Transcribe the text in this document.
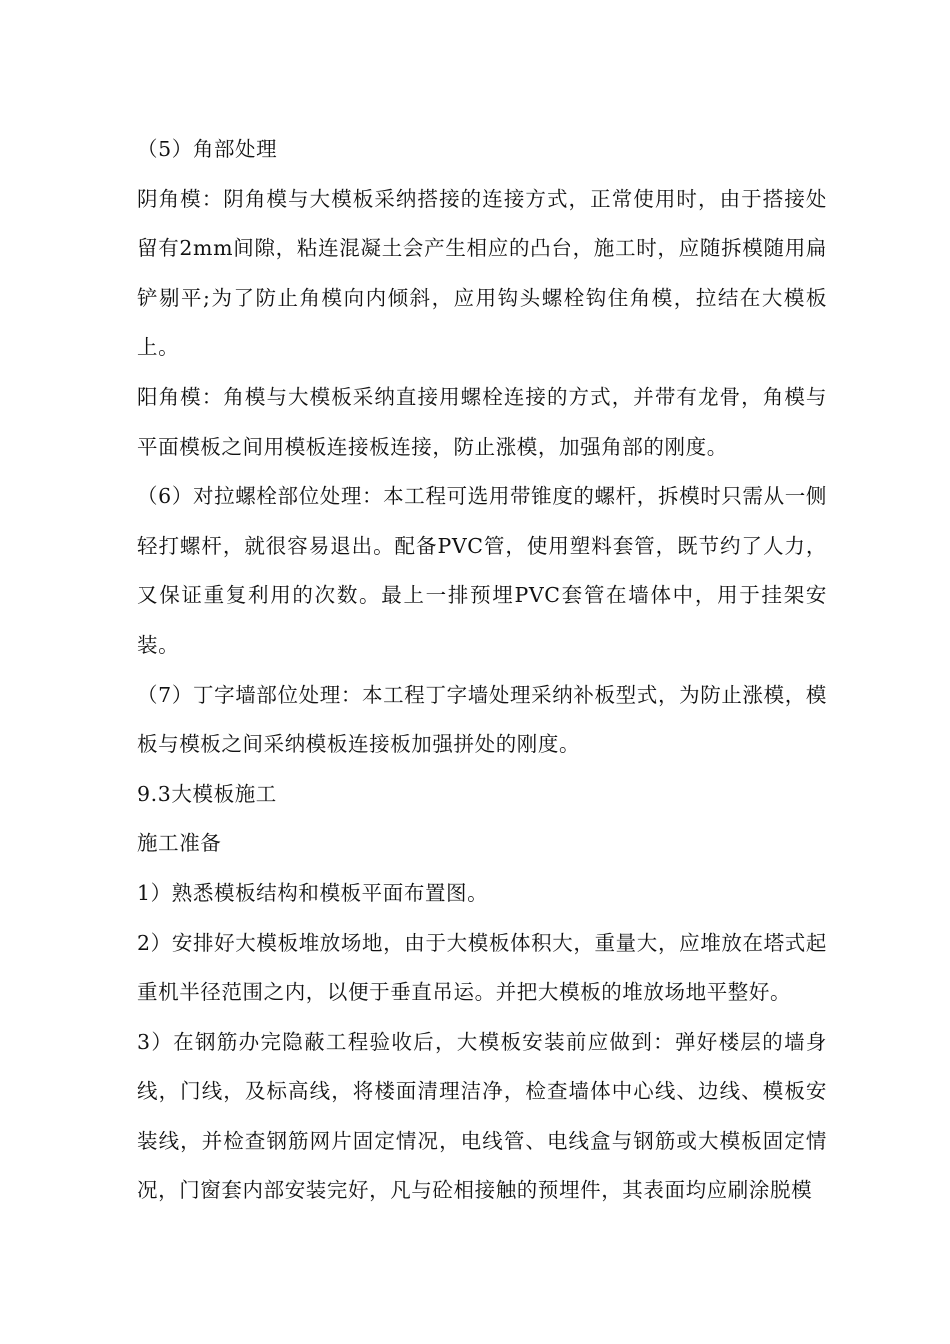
（5）角部处理

阴角模：阴角模与大模板采纳搭接的连接方式，正常使用时，由于搭接处留有2mm间隙，粘连混凝土会产生相应的凸台，施工时，应随拆模随用扁铲剔平;为了防止角模向内倾斜，应用钩头螺栓钩住角模，拉结在大模板上。

阳角模：角模与大模板采纳直接用螺栓连接的方式，并带有龙骨，角模与平面模板之间用模板连接板连接，防止涨模，加强角部的刚度。

（6）对拉螺栓部位处理：本工程可选用带锥度的螺杆，拆模时只需从一侧轻打螺杆，就很容易退出。配备PVC管，使用塑料套管，既节约了人力，又保证重复利用的次数。最上一排预埋PVC套管在墙体中，用于挂架安装。

（7）丁字墙部位处理：本工程丁字墙处理采纳补板型式，为防止涨模，模板与模板之间采纳模板连接板加强拼处的刚度。

9.3大模板施工

施工准备

1）熟悉模板结构和模板平面布置图。

2）安排好大模板堆放场地，由于大模板体积大，重量大，应堆放在塔式起重机半径范围之内，以便于垂直吊运。并把大模板的堆放场地平整好。

3）在钢筋办完隐蔽工程验收后，大模板安装前应做到：弹好楼层的墙身线，门线，及标高线，将楼面清理洁净，检查墙体中心线、边线、模板安装线，并检查钢筋网片固定情况，电线管、电线盒与钢筋或大模板固定情况，门窗套内部安装完好，凡与砼相接触的预埋件，其表面均应刷涂脱模
